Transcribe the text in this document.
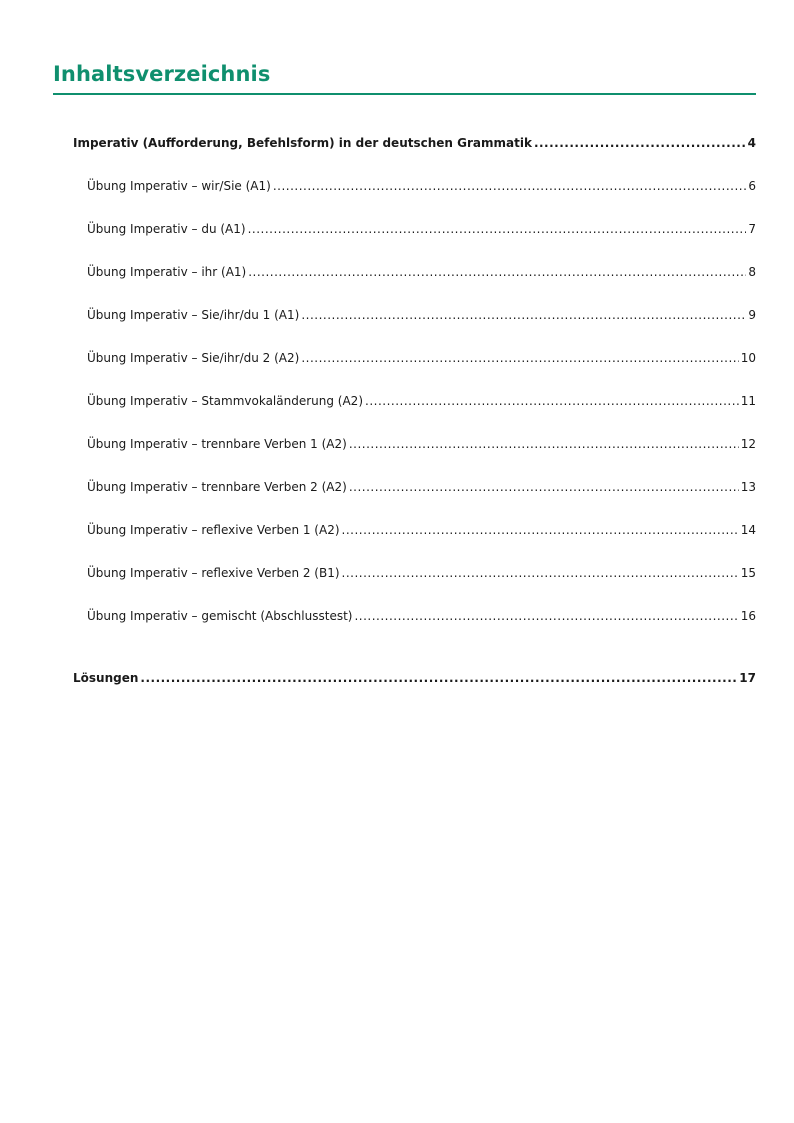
Inhaltsverzeichnis
Imperativ (Aufforderung, Befehlsform) in der deutschen Grammatik .....	4
Übung Imperativ – wir/Sie (A1) .....	6
Übung Imperativ – du (A1) .....	7
Übung Imperativ – ihr (A1) .....	8
Übung Imperativ – Sie/ihr/du 1 (A1) .....	9
Übung Imperativ – Sie/ihr/du 2 (A2) .....	10
Übung Imperativ – Stammvokaländerung (A2) .....	11
Übung Imperativ – trennbare Verben 1 (A2) .....	12
Übung Imperativ – trennbare Verben 2 (A2) .....	13
Übung Imperativ – reflexive Verben 1 (A2) .....	14
Übung Imperativ – reflexive Verben 2 (B1) .....	15
Übung Imperativ – gemischt (Abschlusstest) .....	16
Lösungen .....	17
